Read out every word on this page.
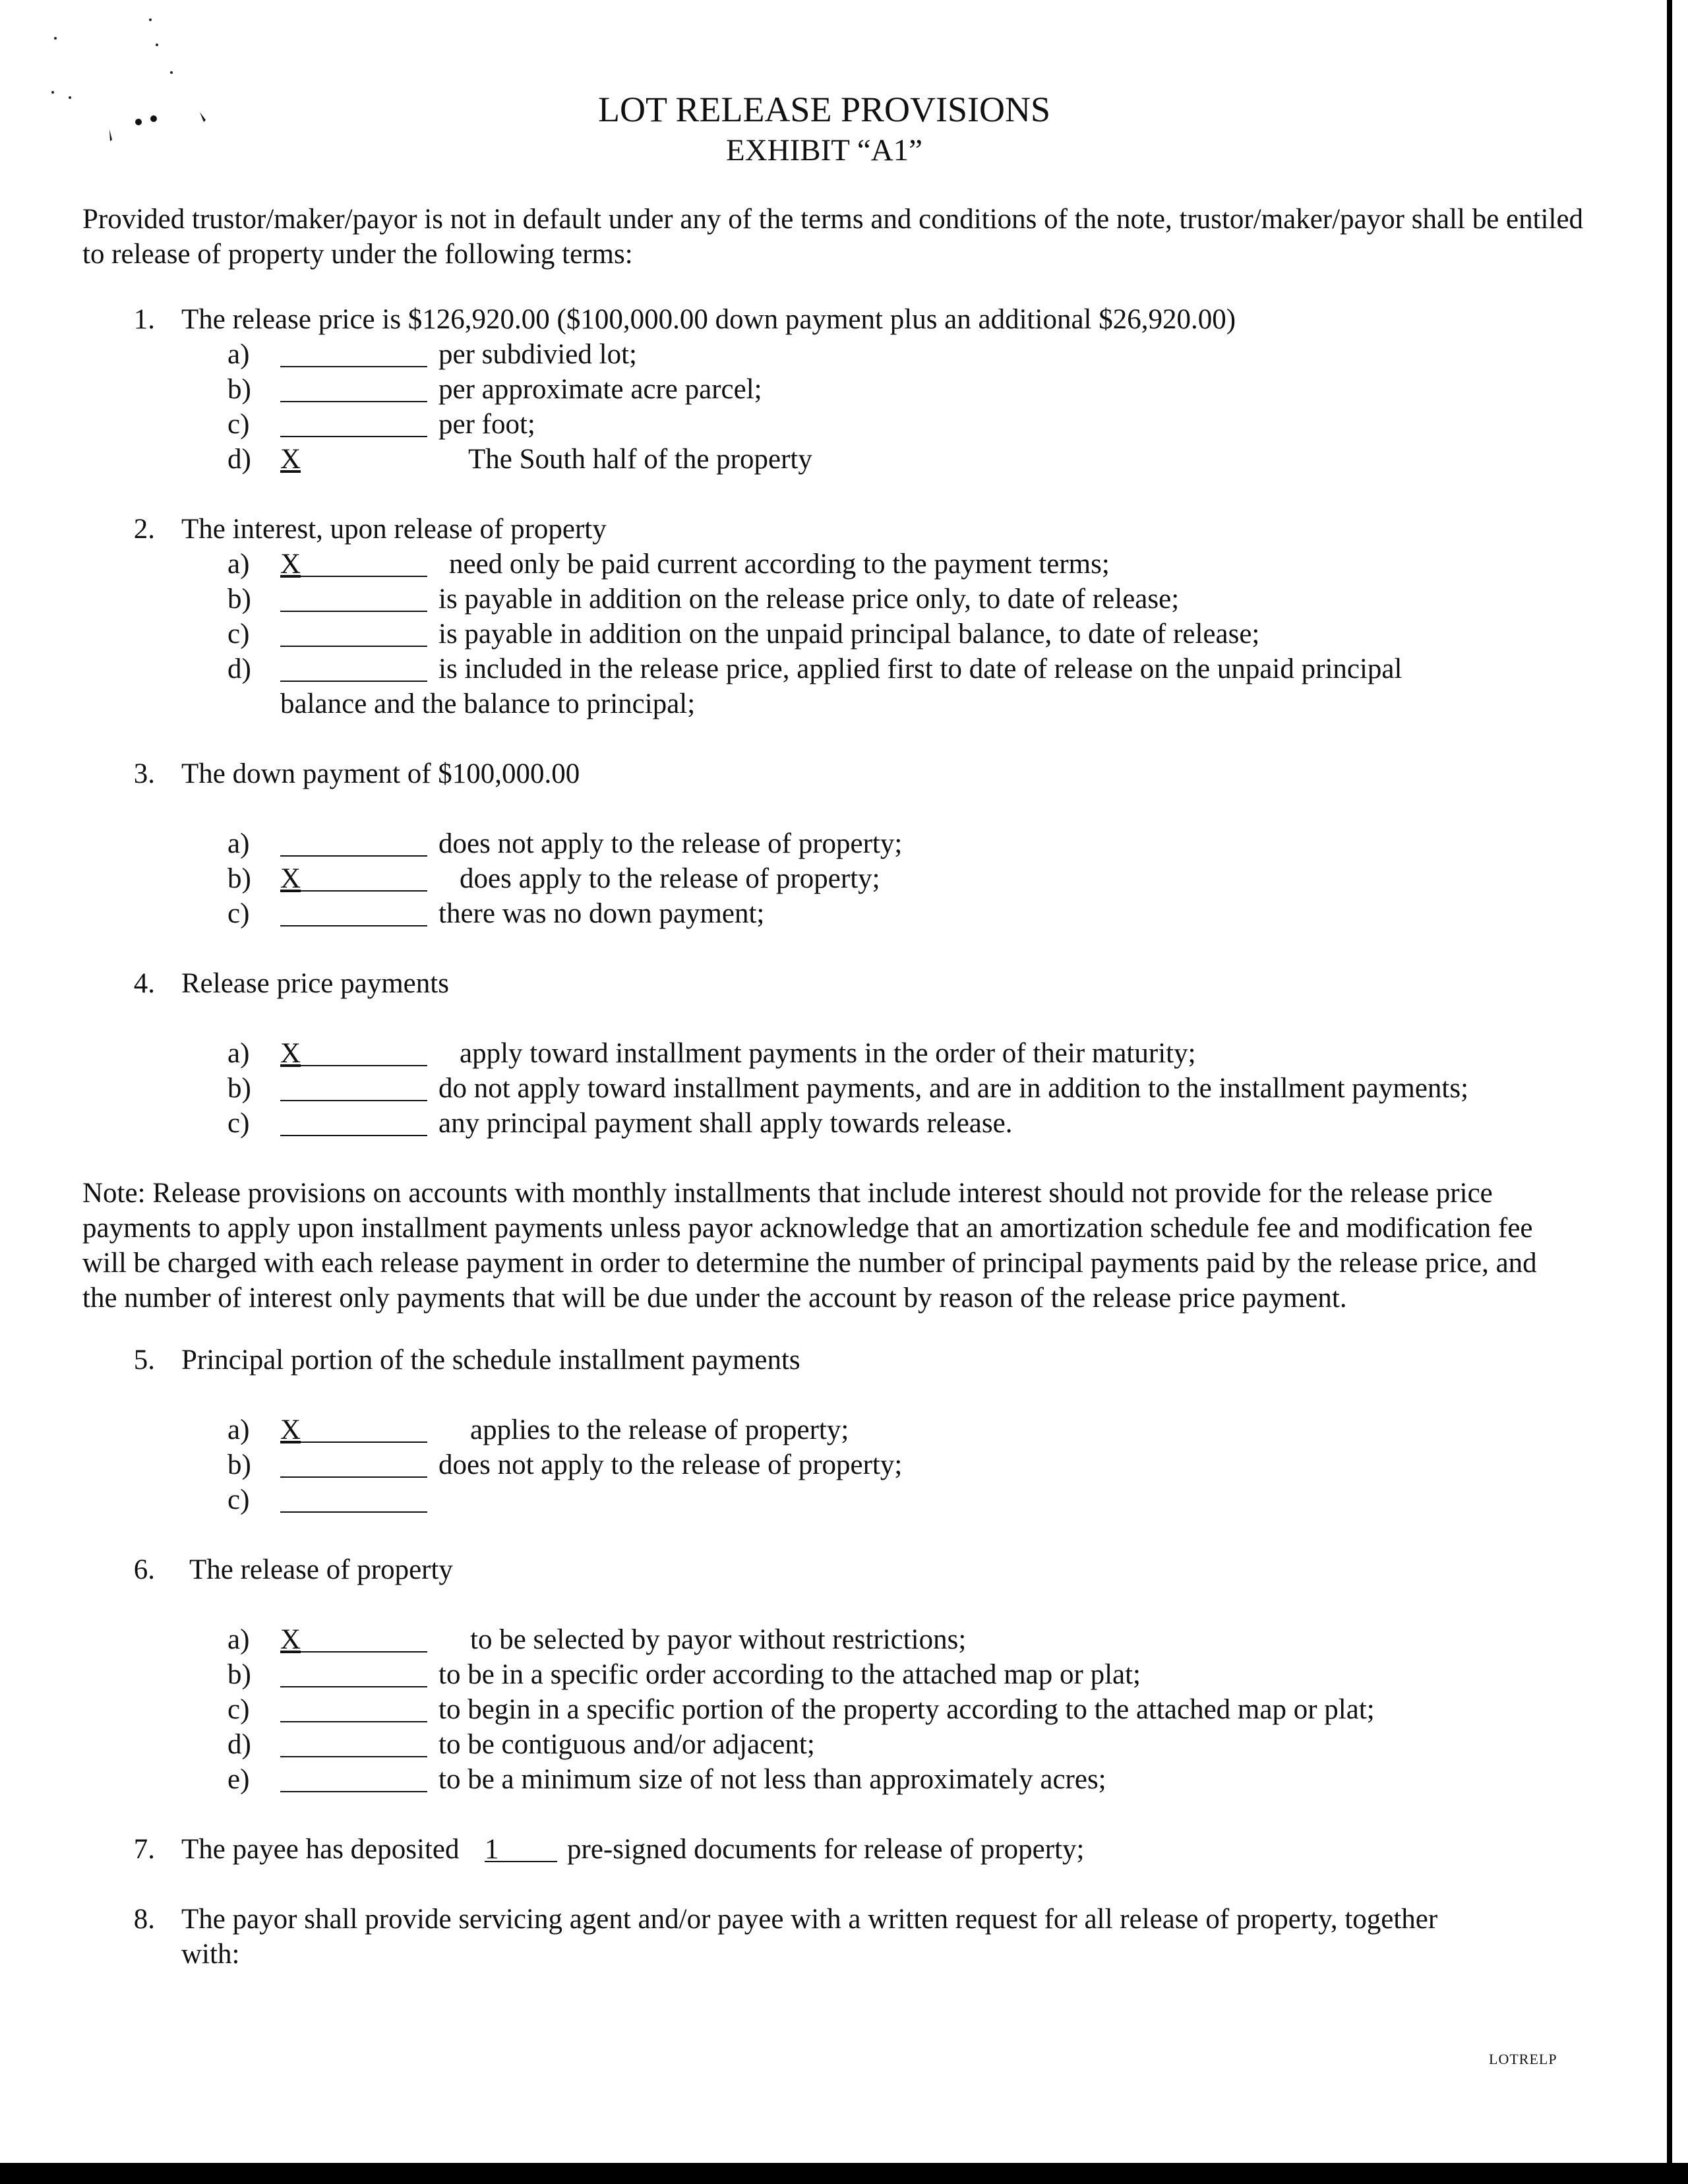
LOT RELEASE PROVISIONS
EXHIBIT “A1”
Provided trustor/maker/payor is not in default under any of the terms and conditions of the note, trustor/maker/payor shall be entiled to release of property under the following terms:
1. The release price is $126,920.00 ($100,000.00 down payment plus an additional $26,920.00)
a)	per subdivied lot;
b)	per approximate acre parcel;
c)	per foot;
d)	X	The South half of the property
2. The interest, upon release of property
a)	X	need only be paid current according to the payment terms;
b)	is payable in addition on the release price only, to date of release;
c)	is payable in addition on the unpaid principal balance, to date of release;
d)	is included in the release price, applied first to date of release on the unpaid principal
balance and the balance to principal;
3. The down payment of $100,000.00
a)	does not apply to the release of property;
b)	X	does apply to the release of property;
c)	there was no down payment;
4. Release price payments
a)	X	apply toward installment payments in the order of their maturity;
b)	do not apply toward installment payments, and are in addition to the installment payments;
c)	any principal payment shall apply towards release.
Note: Release provisions on accounts with monthly installments that include interest should not provide for the release price
payments to apply upon installment payments unless payor acknowledge that an amortization schedule fee and modification fee
will be charged with each release payment in order to determine the number of principal payments paid by the release price, and
the number of interest only payments that will be due under the account by reason of the release price payment.
5. Principal portion of the schedule installment payments
a)	X	applies to the release of property;
b)	does not apply to the release of property;
c)
6. The release of property
a)	X	to be selected by payor without restrictions;
b)	to be in a specific order according to the attached map or plat;
c)	to begin in a specific portion of the property according to the attached map or plat;
d)	to be contiguous and/or adjacent;
e)	to be a minimum size of not less than approximately acres;
7. The payee has deposited 1 pre-signed documents for release of property;
8. The payor shall provide servicing agent and/or payee with a written request for all release of property, together
with:
LOTRELP
